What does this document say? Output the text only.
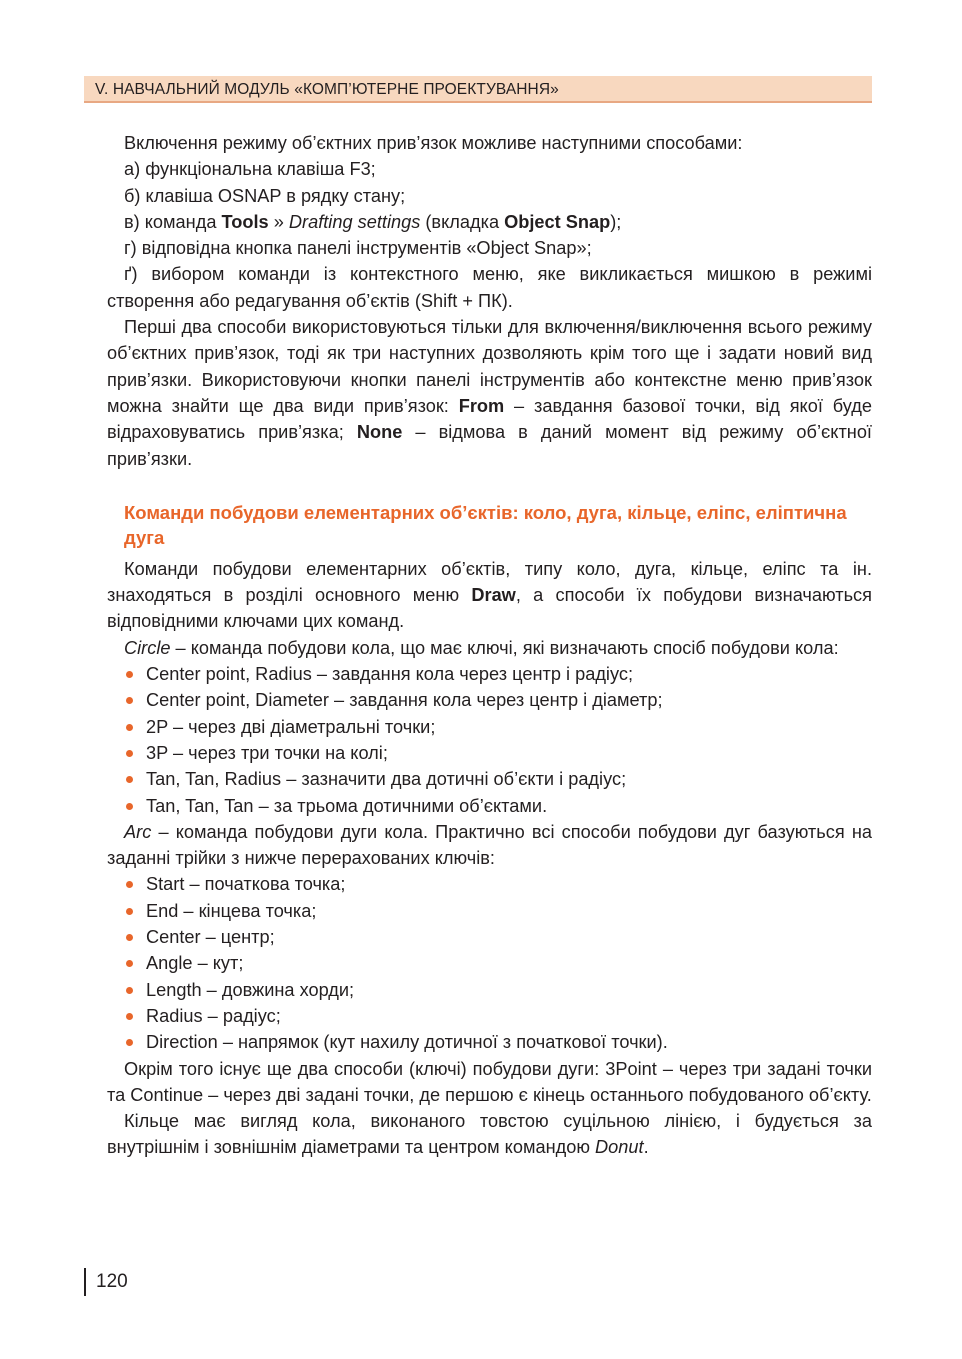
V. НАВЧАЛЬНИЙ МОДУЛЬ «КОМП’ЮТЕРНЕ ПРОЕКТУВАННЯ»

Включення режиму об’єктних прив’язок можливе наступними способами:

а) функціональна клавіша F3;

б) клавіша OSNAP в рядку стану;

в) команда Tools » Drafting settings (вкладка Object Snap);

г) відповідна кнопка панелі інструментів «Object Snap»;

ґ) вибором команди із контекстного меню, яке викликається мишкою в режимі створення або редагування об’єктів (Shift + ПК).

Перші два способи використовуються тільки для включення/виключення всього режиму об’єктних прив’язок, тоді як три наступних дозволяють крім того ще і задати новий вид прив’язки. Використовуючи кнопки панелі інструментів або контекстне меню прив’язок можна знайти ще два види прив’язок: From – завдання базової точки, від якої буде відраховуватись прив’язка; None – відмова в даний момент від режиму об’єктної прив’язки.

Команди побудови елементарних об’єктів: коло, дуга, кільце, еліпс, еліптична дуга

Команди побудови елементарних об’єктів, типу коло, дуга, кільце, еліпс та ін. знаходяться в розділі основного меню Draw, а способи їх побудови визначаються відповідними ключами цих команд.

Circle – команда побудови кола, що має ключі, які визначають спосіб побудови кола:

Center point, Radius – завдання кола через центр і радіус;
Center point, Diameter – завдання кола через центр і діаметр;
2P – через дві діаметральні точки;
3P – через три точки на колі;
Tan, Tan, Radius – зазначити два дотичні об’єкти і радіус;
Tan, Tan, Tan – за трьома дотичними об’єктами.

Arc – команда побудови дуги кола. Практично всі способи побудови дуг базуються на заданні трійки з нижче перерахованих ключів:

Start – початкова точка;
End – кінцева точка;
Center – центр;
Angle – кут;
Length – довжина хорди;
Radius – радіус;
Direction – напрямок (кут нахилу дотичної з початкової точки).

Окрім того існує ще два способи (ключі) побудови дуги: 3Point – через три задані точки та Continue – через дві задані точки, де першою є кінець останнього побудованого об’єкту.

Кільце має вигляд кола, виконаного товстою суцільною лінією, і будується за внутрішнім і зовнішнім діаметрами та центром командою Donut.

120
